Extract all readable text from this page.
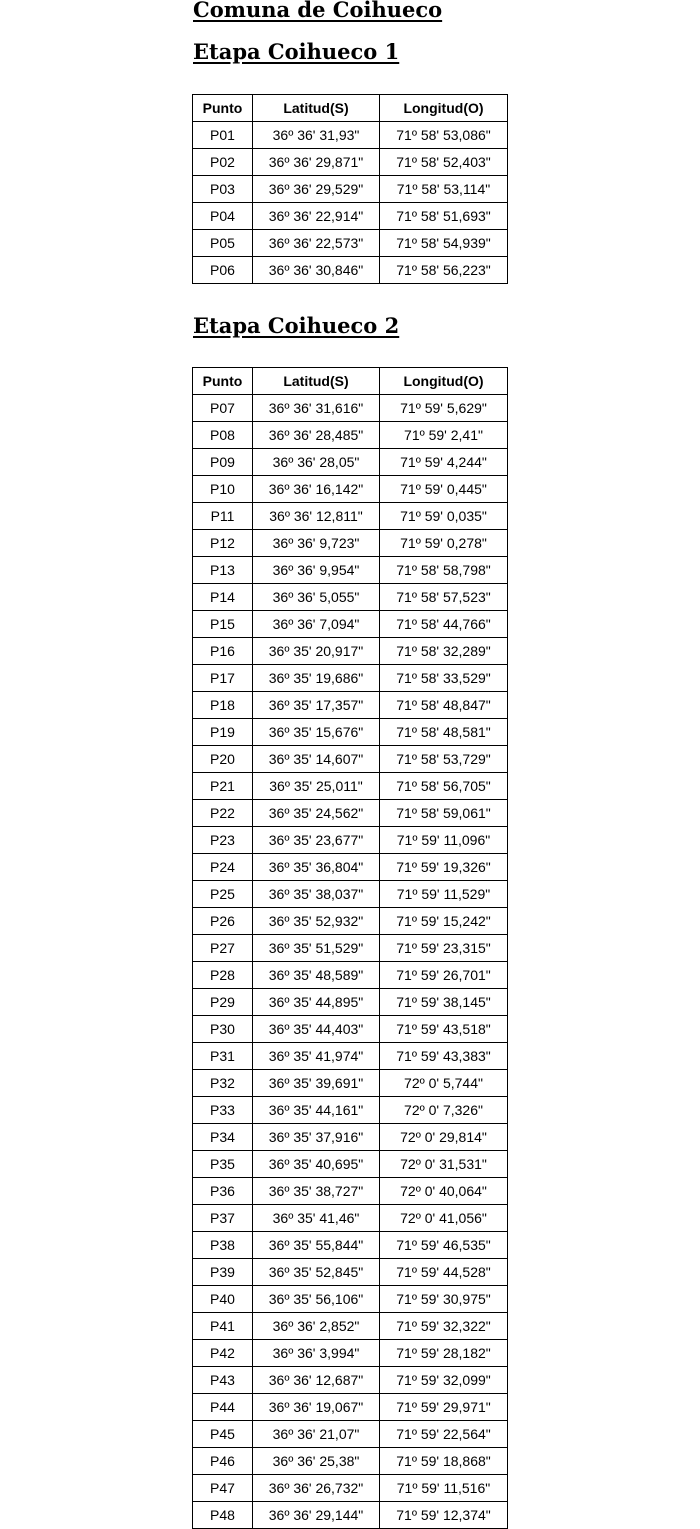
Comuna de Coihueco
Etapa Coihueco 1
Punto	Latitud(S)	Longitud(O)
P01	36º 36' 31,93"	71º 58' 53,086"
P02	36º 36' 29,871"	71º 58' 52,403"
P03	36º 36' 29,529"	71º 58' 53,114"
P04	36º 36' 22,914"	71º 58' 51,693"
P05	36º 36' 22,573"	71º 58' 54,939"
P06	36º 36' 30,846"	71º 58' 56,223"
Etapa Coihueco 2
Punto	Latitud(S)	Longitud(O)
P07	36º 36' 31,616"	71º 59' 5,629"
P08	36º 36' 28,485"	71º 59' 2,41"
P09	36º 36' 28,05"	71º 59' 4,244"
P10	36º 36' 16,142"	71º 59' 0,445"
P11	36º 36' 12,811"	71º 59' 0,035"
P12	36º 36' 9,723"	71º 59' 0,278"
P13	36º 36' 9,954"	71º 58' 58,798"
P14	36º 36' 5,055"	71º 58' 57,523"
P15	36º 36' 7,094"	71º 58' 44,766"
P16	36º 35' 20,917"	71º 58' 32,289"
P17	36º 35' 19,686"	71º 58' 33,529"
P18	36º 35' 17,357"	71º 58' 48,847"
P19	36º 35' 15,676"	71º 58' 48,581"
P20	36º 35' 14,607"	71º 58' 53,729"
P21	36º 35' 25,011"	71º 58' 56,705"
P22	36º 35' 24,562"	71º 58' 59,061"
P23	36º 35' 23,677"	71º 59' 11,096"
P24	36º 35' 36,804"	71º 59' 19,326"
P25	36º 35' 38,037"	71º 59' 11,529"
P26	36º 35' 52,932"	71º 59' 15,242"
P27	36º 35' 51,529"	71º 59' 23,315"
P28	36º 35' 48,589"	71º 59' 26,701"
P29	36º 35' 44,895"	71º 59' 38,145"
P30	36º 35' 44,403"	71º 59' 43,518"
P31	36º 35' 41,974"	71º 59' 43,383"
P32	36º 35' 39,691"	72º 0' 5,744"
P33	36º 35' 44,161"	72º 0' 7,326"
P34	36º 35' 37,916"	72º 0' 29,814"
P35	36º 35' 40,695"	72º 0' 31,531"
P36	36º 35' 38,727"	72º 0' 40,064"
P37	36º 35' 41,46"	72º 0' 41,056"
P38	36º 35' 55,844"	71º 59' 46,535"
P39	36º 35' 52,845"	71º 59' 44,528"
P40	36º 35' 56,106"	71º 59' 30,975"
P41	36º 36' 2,852"	71º 59' 32,322"
P42	36º 36' 3,994"	71º 59' 28,182"
P43	36º 36' 12,687"	71º 59' 32,099"
P44	36º 36' 19,067"	71º 59' 29,971"
P45	36º 36' 21,07"	71º 59' 22,564"
P46	36º 36' 25,38"	71º 59' 18,868"
P47	36º 36' 26,732"	71º 59' 11,516"
P48	36º 36' 29,144"	71º 59' 12,374"
